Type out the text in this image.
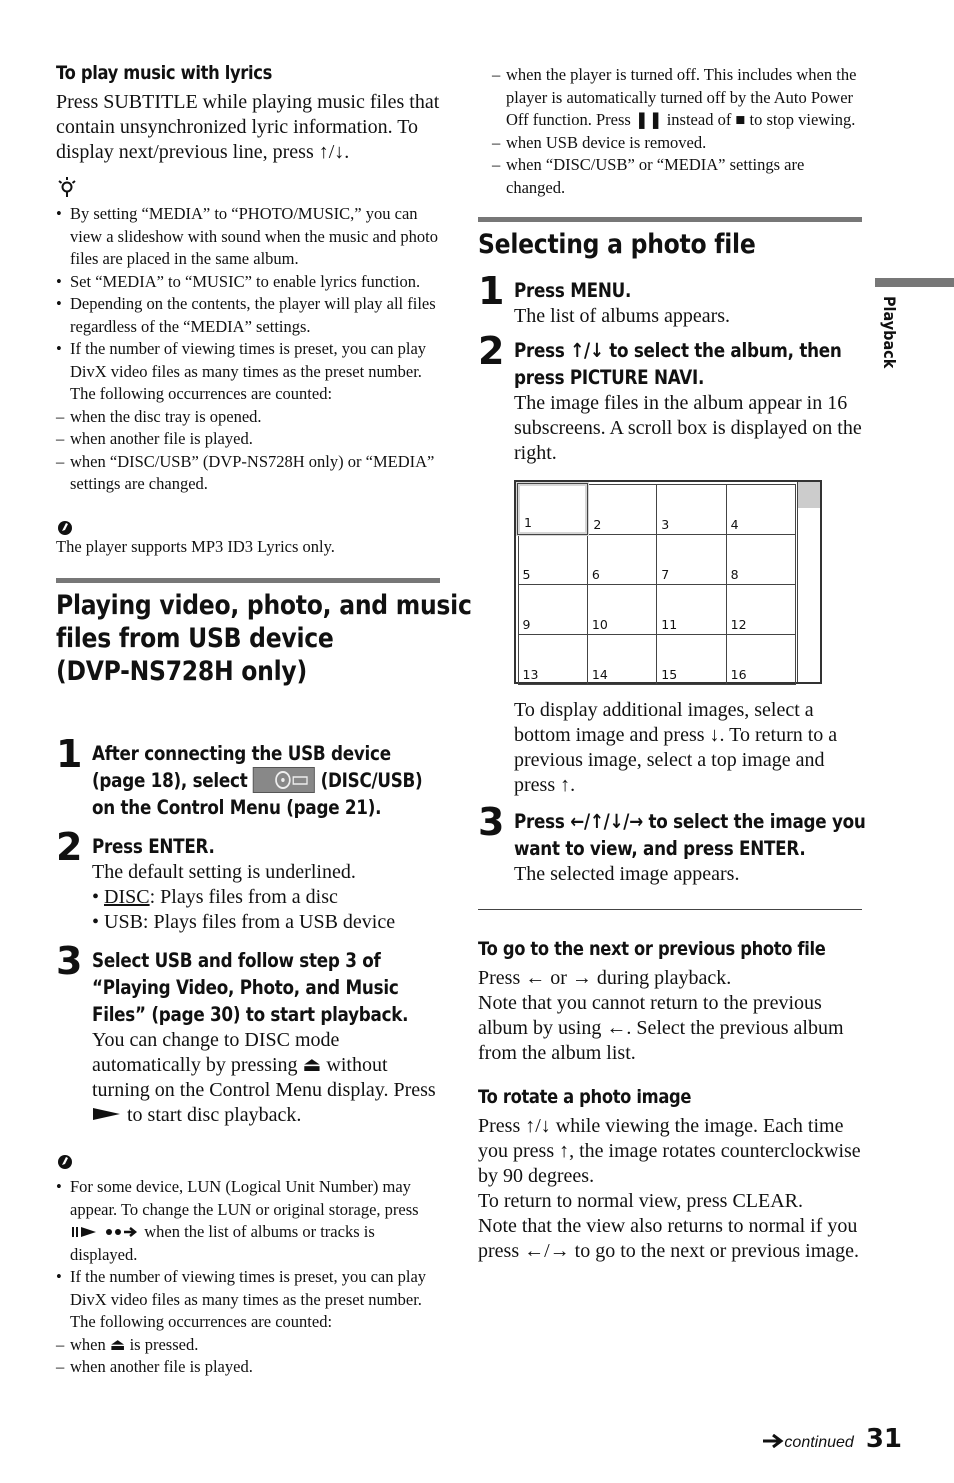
To play music with lyrics

Press SUBTITLE while playing music files that contain unsynchronized lyric information. To display next/previous line, press ↑/↓.

• By setting “MEDIA” to “PHOTO/MUSIC,” you can view a slideshow with sound when the music and photo files are placed in the same album.
• Set “MEDIA” to “MUSIC” to enable lyrics function.
• Depending on the contents, the player will play all files regardless of the “MEDIA” settings.
• If the number of viewing times is preset, you can play DivX video files as many times as the preset number. The following occurrences are counted:
– when the disc tray is opened.
– when another file is played.
– when “DISC/USB” (DVP-NS728H only) or “MEDIA” settings are changed.

The player supports MP3 ID3 Lyrics only.

Playing video, photo, and music
files from USB device
(DVP-NS728H only)
1 After connecting the USB device
(page 18), select	(DISC/USB)
on the Control Menu (page 21).
2 Press ENTER.

The default setting is underlined.

• DISC: Plays files from a disc

• USB: Plays files from a USB device

3 Select USB and follow step 3 of
“Playing Video, Photo, and Music
Files” (page 30) to start playback.

You can change to DISC mode automatically by pressing ⏏ without turning on the Control Menu display. Press  to start disc playback.

• For some device, LUN (Logical Unit Number) may appear. To change the LUN or original storage, press   when the list of albums or tracks is displayed.
• If the number of viewing times is preset, you can play DivX video files as many times as the preset number. The following occurrences are counted:
– when ⏏ is pressed.
– when another file is played.
– when the player is turned off. This includes when the player is automatically turned off by the Auto Power Off function. Press ❚❚ instead of ■ to stop viewing.
– when USB device is removed.
– when “DISC/USB” or “MEDIA” settings are changed.
Selecting a photo file
1 Press MENU.

The list of albums appears.

2 Press ↑/↓ to select the album, then
press PICTURE NAVI.

The image files in the album appear in 16 subscreens. A scroll box is displayed on the right.

1	2	3	4
5	6	7	8
9	10	11	12
13	14	15	16

To display additional images, select a bottom image and press ↓. To return to a previous image, select a top image and press ↑.

3 Press ←/↑/↓/→ to select the image you
want to view, and press ENTER.

The selected image appears.

To go to the next or previous photo file

Press ← or → during playback.

Note that you cannot return to the previous album by using ←. Select the previous album from the album list.

To rotate a photo image

Press ↑/↓ while viewing the image. Each time you press ↑, the image rotates counterclockwise by 90 degrees.

To return to normal view, press CLEAR.

Note that the view also returns to normal if you press ←/→ to go to the next or previous image.

Playback
continued 31
